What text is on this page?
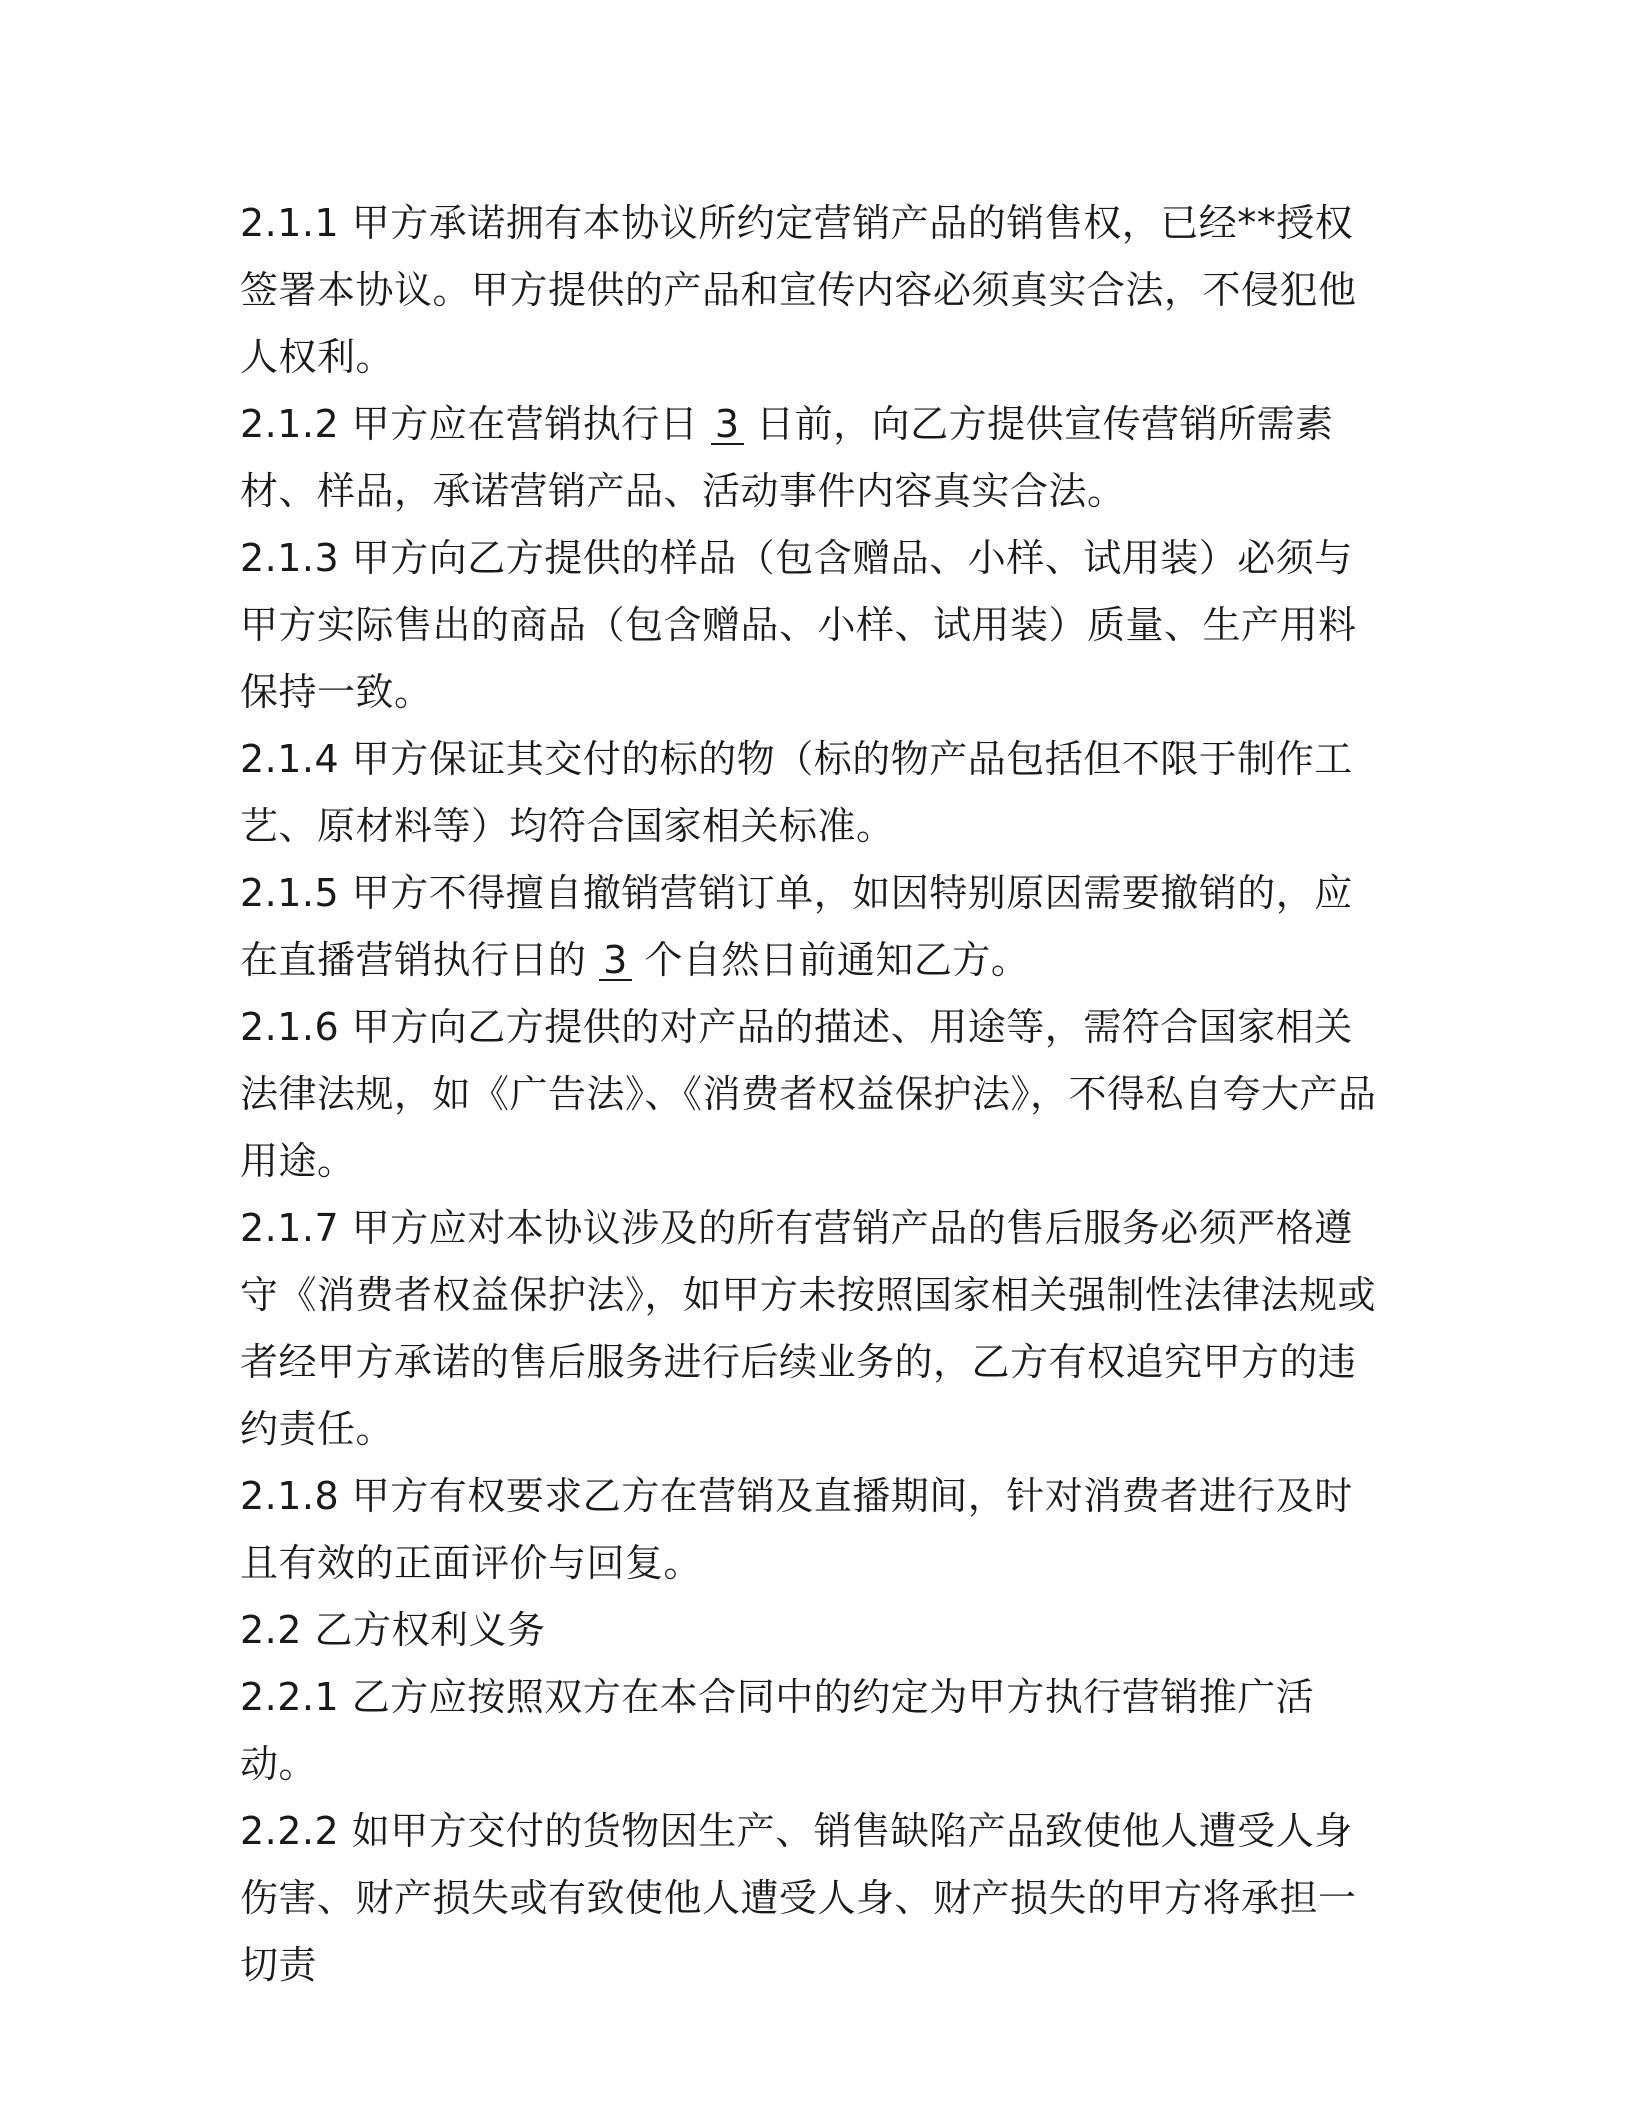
2.1.1 甲方承诺拥有本协议所约定营销产品的销售权，已经**授权签署本协议。甲方提供的产品和宣传内容必须真实合法，不侵犯他人权利。

2.1.2 甲方应在营销执行日 3 日前，向乙方提供宣传营销所需素材、样品，承诺营销产品、活动事件内容真实合法。

2.1.3 甲方向乙方提供的样品（包含赠品、小样、试用装）必须与甲方实际售出的商品（包含赠品、小样、试用装）质量、生产用料保持一致。

2.1.4 甲方保证其交付的标的物（标的物产品包括但不限于制作工艺、原材料等）均符合国家相关标准。

2.1.5 甲方不得擅自撤销营销订单，如因特别原因需要撤销的，应在直播营销执行日的 3 个自然日前通知乙方。

2.1.6 甲方向乙方提供的对产品的描述、用途等，需符合国家相关法律法规，如《广告法》、《消费者权益保护法》，不得私自夸大产品用途。

2.1.7 甲方应对本协议涉及的所有营销产品的售后服务必须严格遵守《消费者权益保护法》，如甲方未按照国家相关强制性法律法规或者经甲方承诺的售后服务进行后续业务的，乙方有权追究甲方的违约责任。

2.1.8 甲方有权要求乙方在营销及直播期间，针对消费者进行及时且有效的正面评价与回复。

2.2 乙方权利义务

2.2.1 乙方应按照双方在本合同中的约定为甲方执行营销推广活动。

2.2.2 如甲方交付的货物因生产、销售缺陷产品致使他人遭受人身伤害、财产损失或有致使他人遭受人身、财产损失的甲方将承担一切责
